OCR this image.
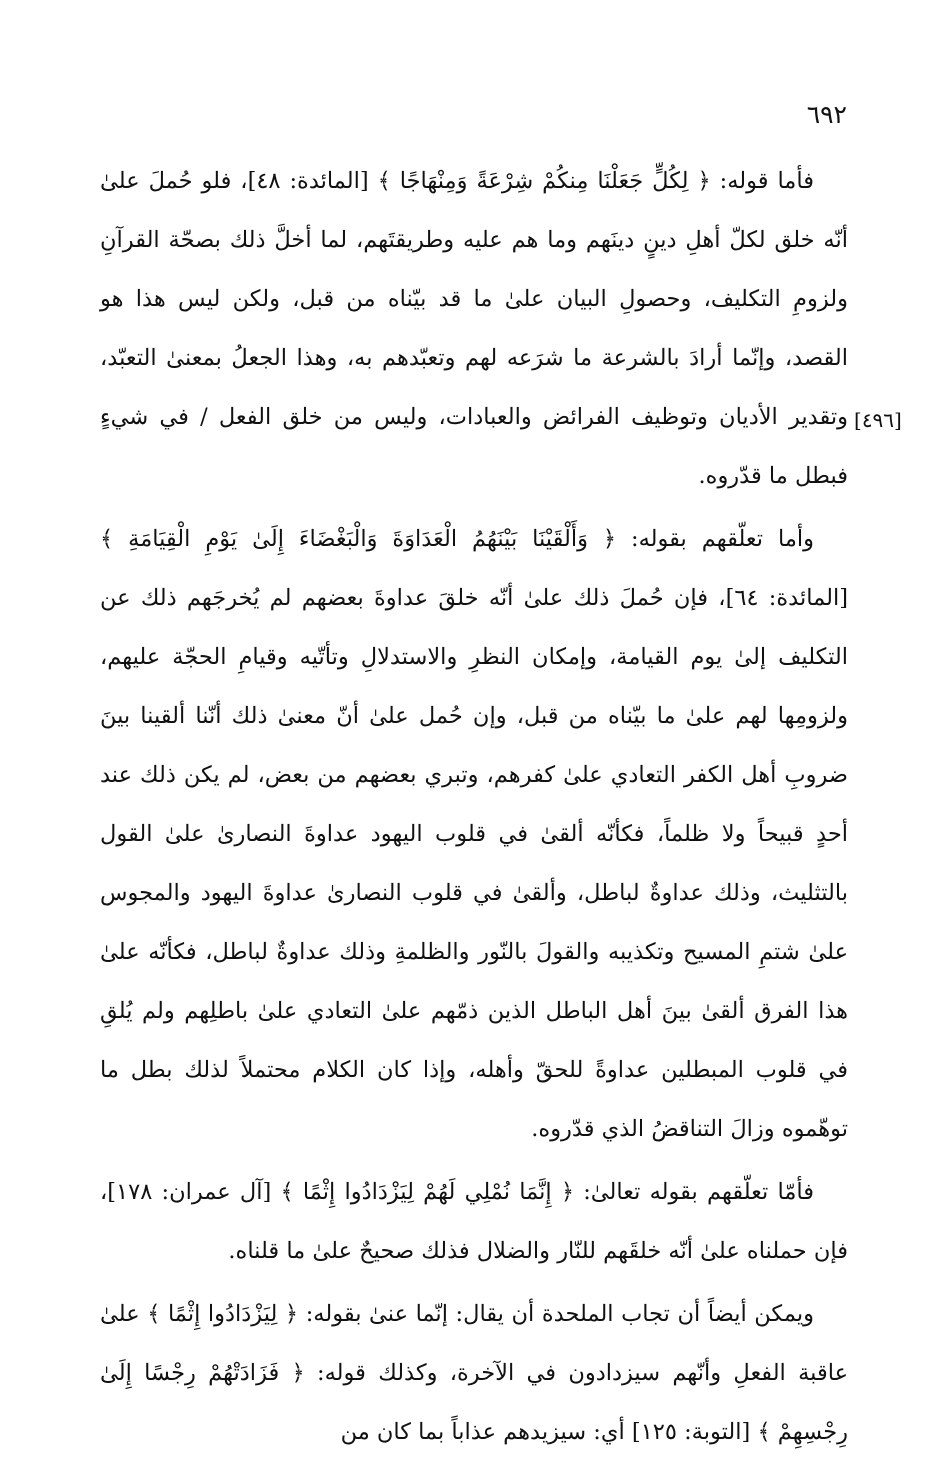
٦٩٢
[٤٩٦]

فأما قوله: ﴿ لِكُلٍّ جَعَلْنَا مِنكُمْ شِرْعَةً وَمِنْهَاجًا ﴾ [المائدة: ٤٨]، فلو حُملَ علىٰ أنّه خلق لكلّ أهلِ دينٍ دينَهم وما هم عليه وطريقتَهم، لما أخلَّ ذلك بصحّة القرآنِ ولزومِ التكليف، وحصولِ البيان علىٰ ما قد بيّناه من قبل، ولكن ليس هذا هو القصد، وإنّما أرادَ بالشرعة ما شرَعه لهم وتعبّدهم به، وهذا الجعلُ بمعنىٰ التعبّد، وتقدير الأديان وتوظيف الفرائض والعبادات، وليس من خلق الفعل / في شيءٍ فبطل ما قدّروه.

وأما تعلّقهم بقوله: ﴿ وَأَلْقَيْنَا بَيْنَهُمُ الْعَدَاوَةَ وَالْبَغْضَاءَ إِلَىٰ يَوْمِ الْقِيَامَةِ ﴾ [المائدة: ٦٤]، فإن حُملَ ذلك علىٰ أنّه خلقَ عداوةَ بعضهم لم يُخرجَهم ذلك عن التكليف إلىٰ يوم القيامة، وإمكان النظرِ والاستدلالِ وتأتّيه وقيامِ الحجّة عليهم، ولزومِها لهم علىٰ ما بيّناه من قبل، وإن حُمل علىٰ أنّ معنىٰ ذلك أنّنا ألقينا بينَ ضروبِ أهل الكفر التعادي علىٰ كفرهم، وتبري بعضهم من بعض، لم يكن ذلك عند أحدٍ قبيحاً ولا ظلماً، فكأنّه ألقىٰ في قلوب اليهود عداوةَ النصارىٰ علىٰ القول بالتثليث، وذلك عداوةٌ لباطل، وألقىٰ في قلوب النصارىٰ عداوةَ اليهود والمجوس علىٰ شتمِ المسيح وتكذيبه والقولَ بالنّور والظلمةِ وذلك عداوةٌ لباطل، فكأنّه علىٰ هذا الفرق ألقىٰ بينَ أهل الباطل الذين ذمّهم علىٰ التعادي علىٰ باطلِهم ولم يُلقِ في قلوب المبطلين عداوةً للحقّ وأهله، وإذا كان الكلام محتملاً لذلك بطل ما توهّموه وزالَ التناقضُ الذي قدّروه.

فأمّا تعلّقهم بقوله تعالىٰ: ﴿ إِنَّمَا نُمْلِي لَهُمْ لِيَزْدَادُوا إِثْمًا ﴾ [آل عمران: ١٧٨]، فإن حملناه علىٰ أنّه خلقَهم للنّار والضلال فذلك صحيحٌ علىٰ ما قلناه.

ويمكن أيضاً أن تجاب الملحدة أن يقال: إنّما عنىٰ بقوله: ﴿ لِيَزْدَادُوا إِثْمًا ﴾ علىٰ عاقبة الفعلِ وأنّهم سيزدادون في الآخرة، وكذلك قوله: ﴿ فَزَادَتْهُمْ رِجْسًا إِلَىٰ رِجْسِهِمْ ﴾ [التوبة: ١٢٥] أي: سيزيدهم عذاباً بما كان من
